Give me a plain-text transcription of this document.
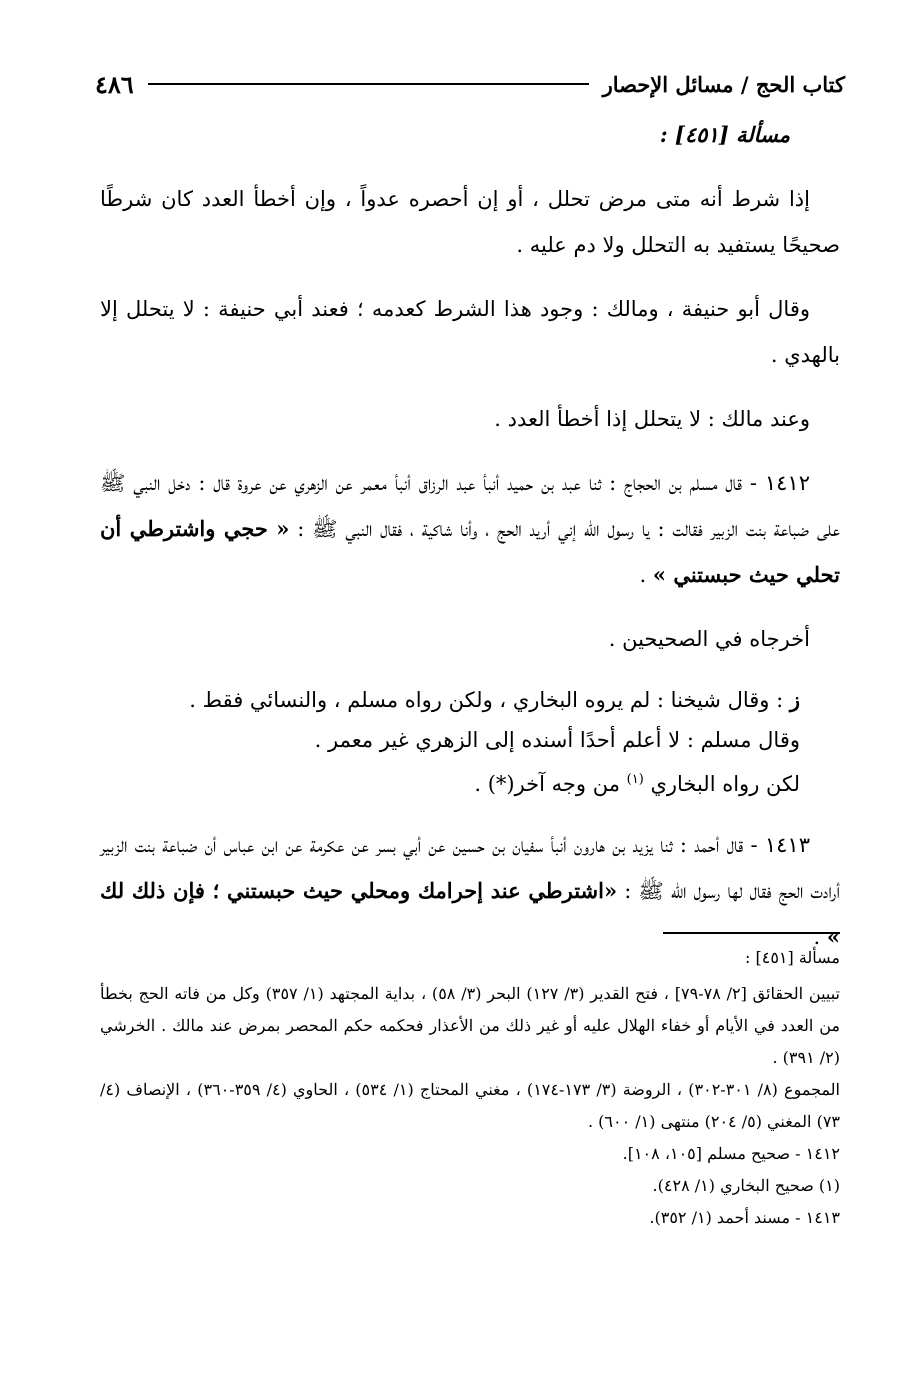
كتاب الحج / مسائل الإحصار
٤٨٦

مسألة [٤٥١] :

إذا شرط أنه متى مرض تحلل ، أو إن أحصره عدواً ، وإن أخطأ العدد كان شرطًا صحيحًا يستفيد به التحلل ولا دم عليه .

وقال أبو حنيفة ، ومالك : وجود هذا الشرط كعدمه ؛ فعند أبي حنيفة : لا يتحلل إلا بالهدي .

وعند مالك : لا يتحلل إذا أخطأ العدد .

١٤١٢ - قال مسلم بن الحجاج : ثنا عبد بن حميد أنبأ عبد الرزاق أنبأ معمر عن الزهري عن عروة قال : دخل النبي ﷺ على ضباعة بنت الزبير فقالت : يا رسول الله إني أريد الحج ، وأنا شاكية ، فقال النبي ﷺ : « حجي واشترطي أن تحلي حيث حبستني » .

أخرجاه في الصحيحين .

ز : وقال شيخنا : لم يروه البخاري ، ولكن رواه مسلم ، والنسائي فقط .

وقال مسلم : لا أعلم أحدًا أسنده إلى الزهري غير معمر .

لكن رواه البخاري $^{(١)}$ من وجه آخر(*) .

١٤١٣ - قال أحمد : ثنا يزيد بن هارون أنبأ سفيان بن حسين عن أبي بسر عن عكرمة عن ابن عباس أن ضباعة بنت الزبير أرادت الحج فقال لها رسول الله ﷺ : «اشترطي عند إحرامك ومحلي حيث حبستني ؛ فإن ذلك لك » .

مسألة [٤٥١] :

تبيين الحقائق [٢/ ٧٨-٧٩] ، فتح القدير (٣/ ١٢٧) البحر (٣/ ٥٨) ، بداية المجتهد (١/ ٣٥٧) وكل من فاته الحج بخطأ من العدد في الأيام أو خفاء الهلال عليه أو غير ذلك من الأعذار فحكمه حكم المحصر بمرض عند مالك . الخرشي (٢/ ٣٩١) .

المجموع (٨/ ٣٠١-٣٠٢) ، الروضة (٣/ ١٧٣-١٧٤) ، مغني المحتاج (١/ ٥٣٤) ، الحاوي (٤/ ٣٥٩-٣٦٠) ، الإنصاف (٤/ ٧٣) المغني (٥/ ٢٠٤) منتهى (١/ ٦٠٠) .

١٤١٢ - صحيح مسلم [١٠٥، ١٠٨].

(١) صحيح البخاري (١/ ٤٢٨).

١٤١٣ - مسند أحمد (١/ ٣٥٢).
